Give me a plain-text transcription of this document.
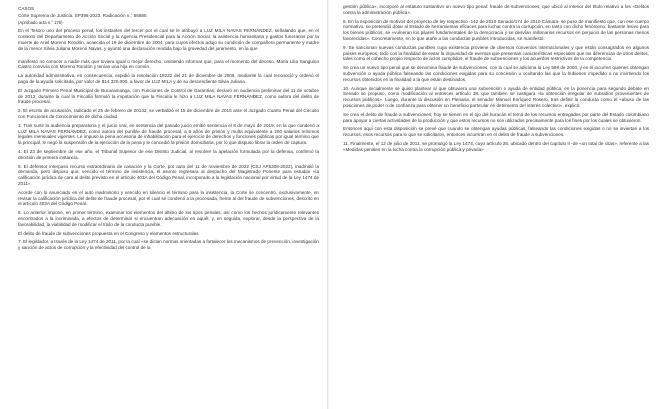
CASOS

Corte Suprema de Justicia. SP396-2023. Radicación n.° 56885

(Aprobado acta n.° 176)

En el Tesoro uno del proceso penal, los instantes del tercer por el cual se le atribuyó a LUZ MILA NAVAS FERNÁNDEZ, señalando que, en el contexto del Departamento de Acción Social y la Agencia Presidencial para la Acción Social, la asistencia humanitaria y gastos funerarios por la muerte de Ariel Moreno Rondón, acaecida el 19 de diciembre de 2004, para cuyos efectos adujo su condición de compañera permanente y madre de la menor Silvia Juliana Moreno Navas, y ayuntó una declaración rendida bajo la gravedad del juramento, en la que

manifestó no conocer a nadie más que tuviera igual o mejor derecho, omitiendo informar que, para el momento del deceso, María Lilia Sanguino Castro convivía con Moreno Rondón y tenían una hija en común.

La autoridad administrativa, en consecuencia, expidió la resolución 18232 del 21 de diciembre de 2006, mediante la cual reconoció y ordenó el pago de la ayuda solicitada, por valor de $14.320.000, a favor de LUZ MILA y de su descendiente Silvia Juliana.

El Juzgado Primero Penal Municipal de Bucaramanga, con Funciones de Control de Garantías, declaró en audiencia preliminar del 11 de octubre de 2013, durante la cual la Fiscalía formuló la imputación que la Fiscalía le hizo a LUZ MILA NAVAS FERNÁNDEZ, como autora del delito de fraude procesal.

2. El escrito de acusación, radicado el 25 de febrero de 20142, se verbalizó el 15 de diciembre de 2015 ante el Juzgado Cuarto Penal del Circuito con Funciones de Conocimiento de dicha ciudad.

3. Tras surtir la audiencia preparatoria y el juicio oral, en sentencia del pasado juicio emitió sentencia el 8 de mayo de 2019, en la que condenó a LUZ MILA NAVAS FERNÁNDEZ, como autora del punible de fraude procesal, a 6 años de prisión y multa equivalente a 200 salarios mínimos legales mensuales vigentes. Le impuso la pena accesoria de inhabilitación para el ejercicio de derechos y funciones públicas por igual término que la principal, le negó la suspensión de la ejecución de la pena y le concedió la prisión domiciliaria, por lo que dispuso librar la orden de captura.

4. El 23 de septiembre de ese año, el Tribunal Superior de ese Distrito Judicial, al resolver la apelación formulada por la defensa, confirmó la decisión de primera instancia.

5. El defensor interpuso recurso extraordinario de casación y la Corte, por auto del 11 de noviembre de 2022 (CSJ AP5306-2022), inadmitió la demanda, pero dispuso que, vencido el término de insistencia, el asunto regresara al despacho del Magistrado Ponente para estudiar «la calificación jurídica de cara al delito previsto en el artículo 403A del Código Penal, incorporado a la legislación nacional por virtud de la Ley 1474 de 2011».

Acorde con lo anunciado en el auto inadmisorio y vencido en silencio el término para la insistencia, la Corte se concentró, exclusivamente, en revisar la calificación jurídica del delito de fraude procesal, por el cual se condenó a la procesada, frente al del fraude de subvenciones, descrito en el artículo 403A del Código Penal.

6. Lo anterior impone, en primer término, examinar los elementos del último de los tipos penales, así como los hechos jurídicamente relevantes encontrados a la incriminada, a efectos de determinar si encuentran adecuación en aquél, y, en seguida, explorar, desde la perspectiva de la favorabilidad, la viabilidad de modificar el título de la conducta punible.

El delito de fraude de subvenciones propuesta en el Congreso y elementos estructurales

7. El legislador, a través de la Ley 1474 de 2011, por la cual «se dictan normas orientadas a fortalecer los mecanismos de prevención, investigación y sanción de actos de corrupción y la efectividad del control de la

gestión pública», incorporó al estatuto sustantivo un nuevo tipo penal: fraude de subvenciones, que ubicó al interior del título relativo a los «Delitos contra la administración pública».

8. En la exposición de motivos del proyecto de ley respectivo -142 de 2010 Senado/174 de 2010 Cámara- se puso de manifiesto que, con ese cuerpo normativo, se pretendió dotar al Estado de herramientas eficaces para luchar contra la corrupción, en tanto con dicho fenómeno, bastante lesivo para los bienes públicos, se «vulneran los pilares fundamentales de la democracia y se desvían millonarios recursos en perjuicio de las personas menos favorecidas». Concretamente, en lo que atañe a las conductas punibles introducidas, se manifestó:

9. Se sancionan nuevas conductas punibles cuya existencia proviene de diversos convenios internacionales y que están consagrados en algunos países europeos, todo con la finalidad de evitar la impunidad de eventos que presentan características especiales que los diferencian de otros delitos, tales como el cohecho propio respecto de actos cumplidos, el fraude de subvenciones y los acuerdos restrictivos de la competencia.

Se crea un nuevo tipo penal que se denomina fraude de subvenciones, con la cual se adiciona la Ley 599 de 2000, y en él incurren quienes obtengan subvención o ayuda pública falseando las condiciones exigidas para su concesión u ocultando las que la hubiesen impedido o no invirtiendo los recursos obtenidos en la finalidad a la que están destinados.

10. Aunque inicialmente se quiso plantear al que obtuviera una subvención o ayuda de entidad pública, en la ponencia para segundo debate en Senado se propuso, como modificación al entonces artículo 38, que también se castigara «la obtención irregular de subsidios provenientes de recursos públicos». Luego, durante la discusión en Plenaria, el senador Manuel Enríquez Rosero, tras definir la conducta como el «abuso de las posiciones de poder o de confianza para obtener un beneficio particular en detrimento del interés colectivo», explicó:

Se crea el delito de fraude a subvenciones; hoy se tienen en el ojo del huracán el tema de los recursos entregados por parte del Estado colombiano para apoyar a ciertas actividades de la producción y que estos recursos no son utilizados precisamente para los fines por los cuales se obtuvieron.

Entonces aquí con esta disposición se prevé que cuando se obtengan ayudas públicas, falseando las condiciones exigidas o no se inviertan a los recursos, esos recursos para lo que se solicitaron, entonces incurrirán en el delito de fraude a subvenciones.

11. Finalmente, el 12 de julio de 2011, se promulgó la Ley 1474, cuyo artículo 26, ubicado dentro del capítulo II -de «un total de citas», referente a las «Medidas penales en la lucha contra la corrupción pública y privada»
